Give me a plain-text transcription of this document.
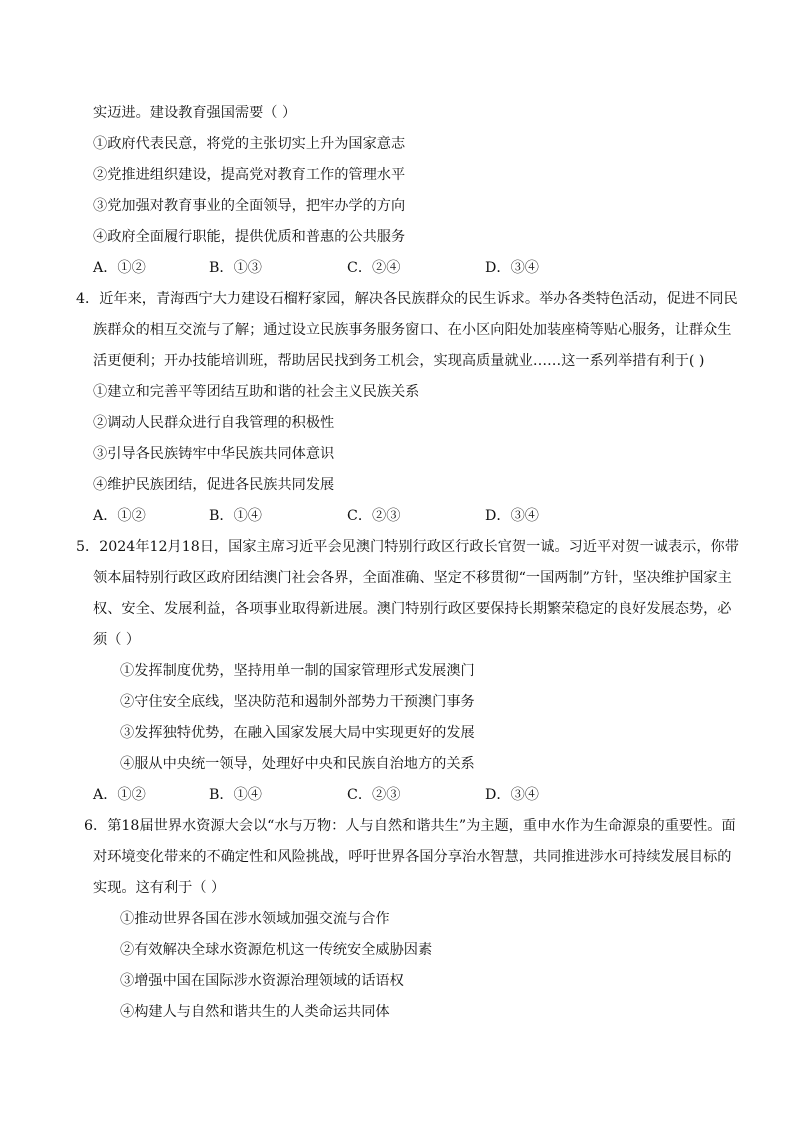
实迈进。建设教育强国需要（ ）
①政府代表民意，将党的主张切实上升为国家意志
②党推进组织建设，提高党对教育工作的管理水平
③党加强对教育事业的全面领导，把牢办学的方向
④政府全面履行职能，提供优质和普惠的公共服务
A．①②	B．①③	C．②④	D．③④
4．近年来，青海西宁大力建设石榴籽家园，解决各民族群众的民生诉求。举办各类特色活动，促进不同民
族群众的相互交流与了解；通过设立民族事务服务窗口、在小区向阳处加装座椅等贴心服务，让群众生
活更便利；开办技能培训班，帮助居民找到务工机会，实现高质量就业……这一系列举措有利于( )
①建立和完善平等团结互助和谐的社会主义民族关系
②调动人民群众进行自我管理的积极性
③引导各民族铸牢中华民族共同体意识
④维护民族团结，促进各民族共同发展
A．①②	B．①④	C．②③	D．③④
5．2024年12月18日，国家主席习近平会见澳门特别行政区行政长官贺一诚。习近平对贺一诚表示，你带
领本届特别行政区政府团结澳门社会各界，全面准确、坚定不移贯彻“一国两制”方针，坚决维护国家主
权、安全、发展利益，各项事业取得新进展。澳门特别行政区要保持长期繁荣稳定的良好发展态势，必
须（ ）
①发挥制度优势，坚持用单一制的国家管理形式发展澳门
②守住安全底线，坚决防范和遏制外部势力干预澳门事务
③发挥独特优势，在融入国家发展大局中实现更好的发展
④服从中央统一领导，处理好中央和民族自治地方的关系
A．①②	B．①④	C．②③	D．③④
6．第18届世界水资源大会以“水与万物：人与自然和谐共生”为主题，重申水作为生命源泉的重要性。面
对环境变化带来的不确定性和风险挑战，呼吁世界各国分享治水智慧，共同推进涉水可持续发展目标的
实现。这有利于（ ）
①推动世界各国在涉水领域加强交流与合作
②有效解决全球水资源危机这一传统安全威胁因素
③增强中国在国际涉水资源治理领域的话语权
④构建人与自然和谐共生的人类命运共同体
